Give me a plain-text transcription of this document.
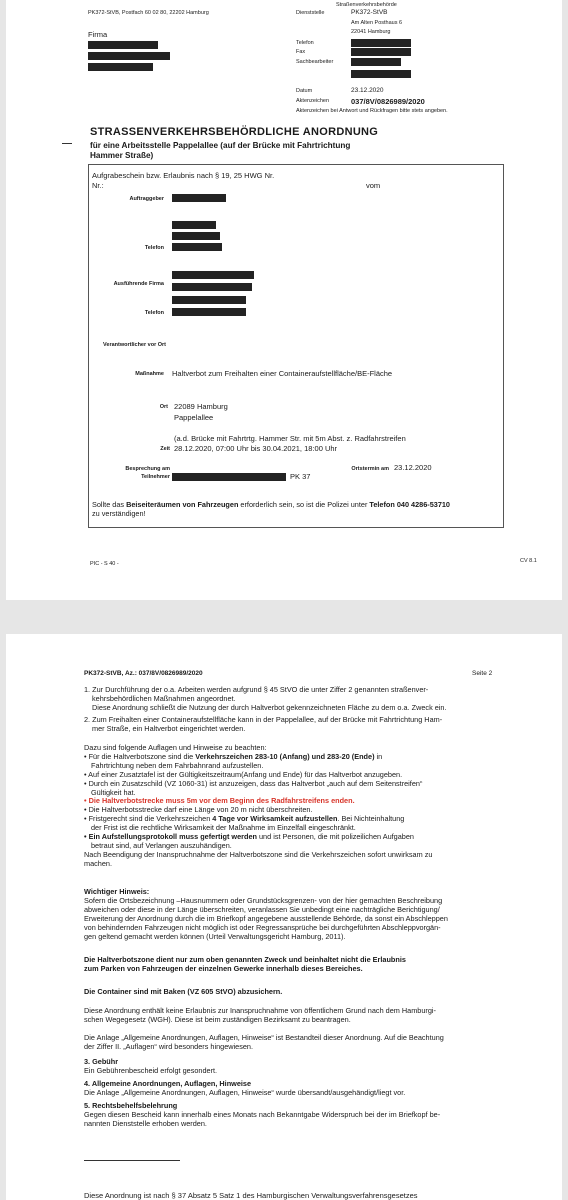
PK372-StVB, Postfach 60 02 80, 22202 Hamburg
Firma
Straßenverkehrsbehörde
Dienststelle	PK372-StVB
Am Alten Posthaus 6
22041 Hamburg
Telefon
Fax
Sachbearbeiter
Datum	23.12.2020
Aktenzeichen	037/8V/0826989/2020
Aktenzeichen bei Antwort und Rückfragen bitte stets angeben.
STRASSENVERKEHRSBEHÖRDLICHE ANORDNUNG
für eine Arbeitsstelle Pappelallee (auf der Brücke mit Fahrtrichtung
Hammer Straße)
Aufgrabeschein bzw. Erlaubnis nach § 19, 25 HWG Nr.
Nr.:	vom
Auftraggeber
Telefon
Ausführende Firma
Telefon
Verantwortlicher vor Ort
Maßnahme Haltverbot zum Freihalten einer Containeraufstellfläche/BE-Fläche
Ort 22089 Hamburg
Pappelallee
(a.d. Brücke mit Fahrtrtg. Hammer Str. mit 5m Abst. z. Radfahrstreifen
Zeit 28.12.2020, 07:00 Uhr bis 30.04.2021, 18:00 Uhr
Besprechung am
Teilnehmer	PK 37
Ortstermin am 23.12.2020
Sollte das Beiseiteräumen von Fahrzeugen erforderlich sein, so ist die Polizei unter Telefon 040 4286-53710
zu verständigen!
PIC - S 40 -	CV 8.1
PK372-StVB, Az.: 037/8V/0826989/2020	Seite 2

1. Zur Durchführung der o.a. Arbeiten werden aufgrund § 45 StVO die unter Ziffer 2 genannten straßenver-

kehrsbehördlichen Maßnahmen angeordnet.

Diese Anordnung schließt die Nutzung der durch Haltverbot gekennzeichneten Fläche zu dem o.a. Zweck ein.

2. Zum Freihalten einer Containeraufstellfläche kann in der Pappelallee, auf der Brücke mit Fahrtrichtung Ham-

mer Straße, ein Haltverbot eingerichtet werden.

Dazu sind folgende Auflagen und Hinweise zu beachten:

• Für die Haltverbotszone sind die Verkehrszeichen 283-10 (Anfang) und 283-20 (Ende) in

Fahrtrichtung neben dem Fahrbahnrand aufzustellen.

• Auf einer Zusatztafel ist der Gültigkeitszeitraum(Anfang und Ende) für das Haltverbot anzugeben.

• Durch ein Zusatzschild (VZ 1060-31) ist anzuzeigen, dass das Haltverbot „auch auf dem Seitenstreifen“

Gültigkeit hat.

• Die Haltverbotstrecke muss 5m vor dem Beginn des Radfahrstreifens enden.

• Die Haltverbotsstrecke darf eine Länge von 20 m nicht überschreiten.

• Fristgerecht sind die Verkehrszeichen 4 Tage vor Wirksamkeit aufzustellen. Bei Nichteinhaltung

der Frist ist die rechtliche Wirksamkeit der Maßnahme im Einzelfall eingeschränkt.

• Ein Aufstellungsprotokoll muss gefertigt werden und ist Personen, die mit polizeilichen Aufgaben

betraut sind, auf Verlangen auszuhändigen.

Nach Beendigung der Inanspruchnahme der Haltverbotszone sind die Verkehrszeichen sofort unwirksam zu

machen.

Wichtiger Hinweis:

Sofern die Ortsbezeichnung –Hausnummern oder Grundstücksgrenzen- von der hier gemachten Beschreibung

abweichen oder diese in der Länge überschreiten, veranlassen Sie unbedingt eine nachträgliche Berichtigung/

Erweiterung der Anordnung durch die im Briefkopf angegebene ausstellende Behörde, da sonst ein Abschleppen

von behindernden Fahrzeugen nicht möglich ist oder Regressansprüche bei durchgeführten Abschleppvorgän-

gen geltend gemacht werden können (Urteil Verwaltungsgericht Hamburg, 2011).

Die Haltverbotszone dient nur zum oben genannten Zweck und beinhaltet nicht die Erlaubnis

zum Parken von Fahrzeugen der einzelnen Gewerke innerhalb dieses Bereiches.

Die Container sind mit Baken (VZ 605 StVO) abzusichern.

Diese Anordnung enthält keine Erlaubnis zur Inanspruchnahme von öffentlichem Grund nach dem Hamburgi-

schen Wegegesetz (WGH). Diese ist beim zuständigen Bezirksamt zu beantragen.

Die Anlage „Allgemeine Anordnungen, Auflagen, Hinweise“ ist Bestandteil dieser Anordnung. Auf die Beachtung

der Ziffer II. „Auflagen“ wird besonders hingewiesen.

3. Gebühr

Ein Gebührenbescheid erfolgt gesondert.

4. Allgemeine Anordnungen, Auflagen, Hinweise

Die Anlage „Allgemeine Anordnungen, Auflagen, Hinweise“ wurde übersandt/ausgehändigt/liegt vor.

5. Rechtsbehelfsbelehrung

Gegen diesen Bescheid kann innerhalb eines Monats nach Bekanntgabe Widerspruch bei der im Briefkopf be-

nannten Dienststelle erhoben werden.

Diese Anordnung ist nach § 37 Absatz 5 Satz 1 des Hamburgischen Verwaltungsverfahrensgesetzes
